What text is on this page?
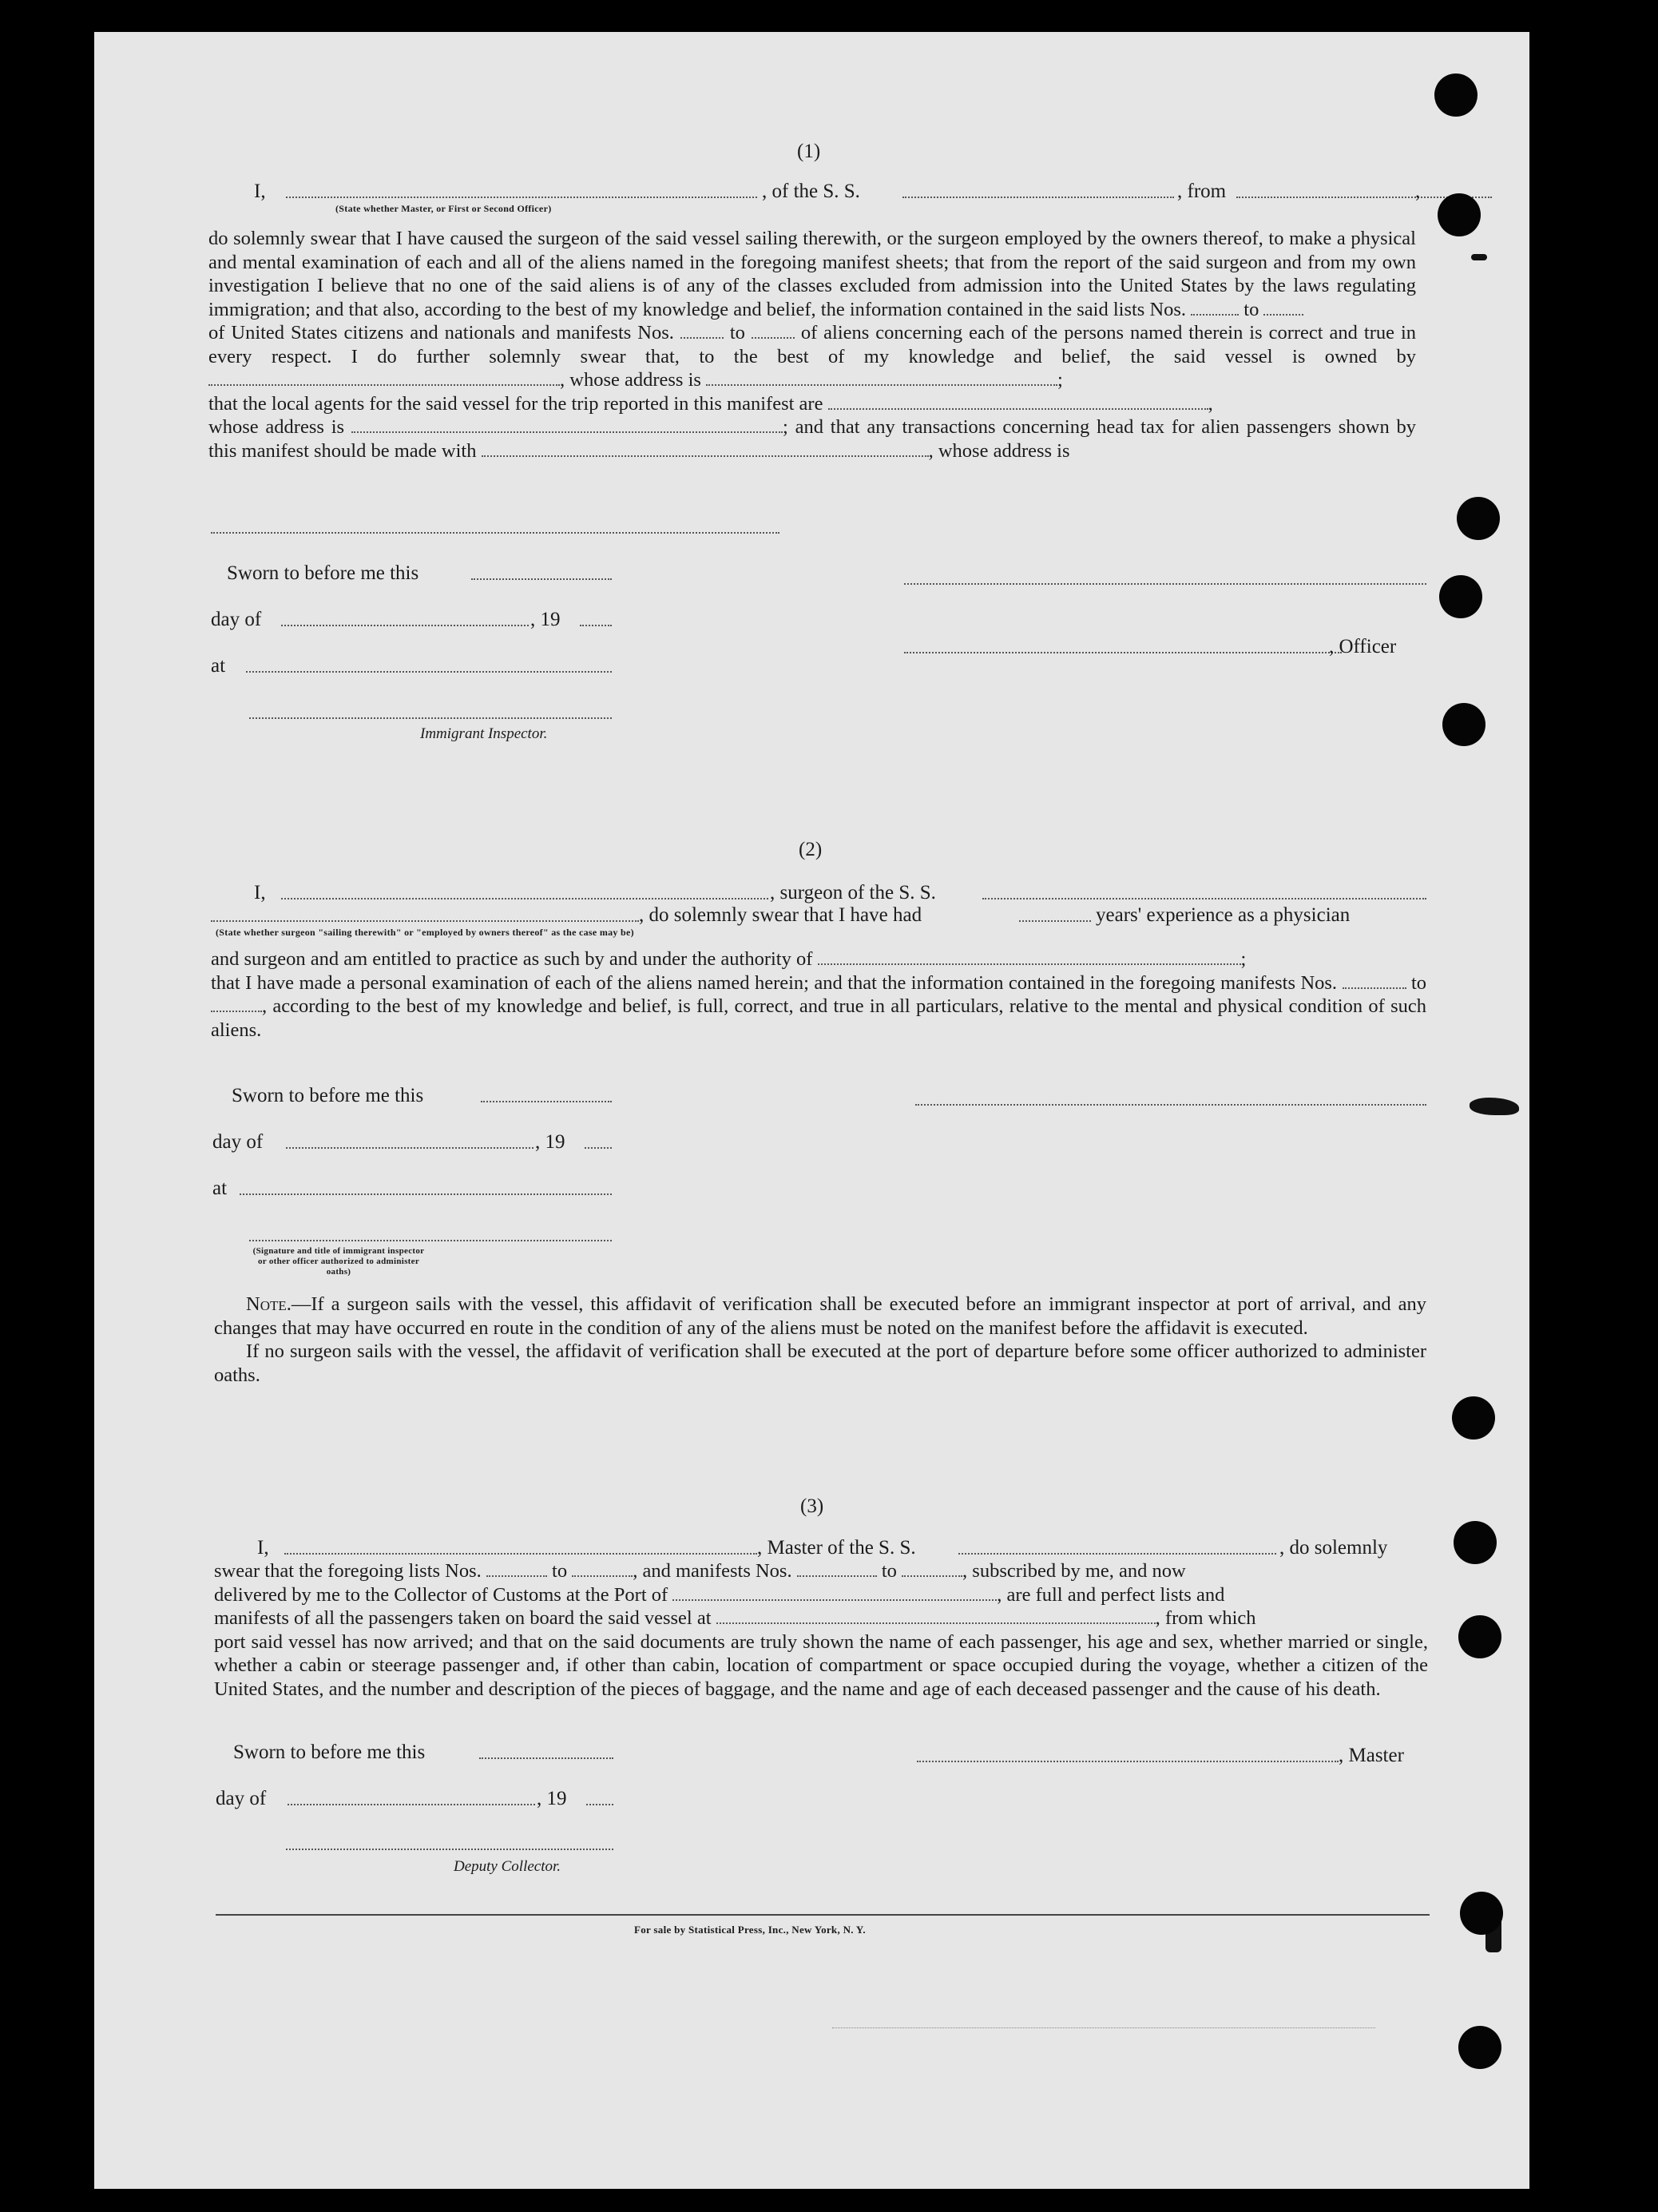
(1)
I,	, of the S. S.	, from	,
(State whether Master, or First or Second Officer)
do solemnly swear that I have caused the surgeon of the said vessel sailing therewith, or the surgeon employed by the owners thereof, to make a physical and mental examination of each and all of the aliens named in the foregoing manifest sheets; that from the report of the said surgeon and from my own investigation I believe that no one of the said aliens is of any of the classes excluded from admission into the United States by the laws regulating immigration; and that also, according to the best of my knowledge and belief, the information contained in the said lists Nos.	to
of United States citizens and nationals and manifests Nos.	to	of aliens concerning each of the persons named therein is correct and true in every respect. I do further solemnly swear that, to the best of my knowledge and belief, the said vessel is owned by , whose address is	;
that the local agents for the said vessel for the trip reported in this manifest are	,
whose address is	; and that any transactions concerning head tax for alien passengers shown by this manifest should be made with	, whose address is
Sworn to before me this
day of	, 19
at
Immigrant Inspector.
, Officer
(2)
I,	, surgeon of the S. S.
, do solemnly swear that I have had	years' experience as a physician
(State whether surgeon "sailing therewith" or "employed by owners thereof" as the case may be)
and surgeon and am entitled to practice as such by and under the authority of	;
that I have made a personal examination of each of the aliens named herein; and that the information contained in the foregoing manifests Nos.	to , according to the best of my knowledge and belief, is full, correct, and true in all particulars, relative to the mental and physical condition of such aliens.
Sworn to before me this
day of	, 19
at
(Signature and title of immigrant inspector or other officer authorized to administer oaths)
Note.—If a surgeon sails with the vessel, this affidavit of verification shall be executed before an immigrant inspector at port of arrival, and any changes that may have occurred en route in the condition of any of the aliens must be noted on the manifest before the affidavit is executed.
If no surgeon sails with the vessel, the affidavit of verification shall be executed at the port of departure before some officer authorized to administer oaths.
(3)
I,	, Master of the S. S.	, do solemnly
swear that the foregoing lists Nos.	to	, and manifests Nos.	to	, subscribed by me, and now
delivered by me to the Collector of Customs at the Port of	, are full and perfect lists and
manifests of all the passengers taken on board the said vessel at	, from which
port said vessel has now arrived; and that on the said documents are truly shown the name of each passenger, his age and sex, whether married or single, whether a cabin or steerage passenger and, if other than cabin, location of compartment or space occupied during the voyage, whether a citizen of the United States, and the number and description of the pieces of baggage, and the name and age of each deceased passenger and the cause of his death.
Sworn to before me this
day of	, 19
Deputy Collector.
, Master
For sale by Statistical Press, Inc., New York, N. Y.
